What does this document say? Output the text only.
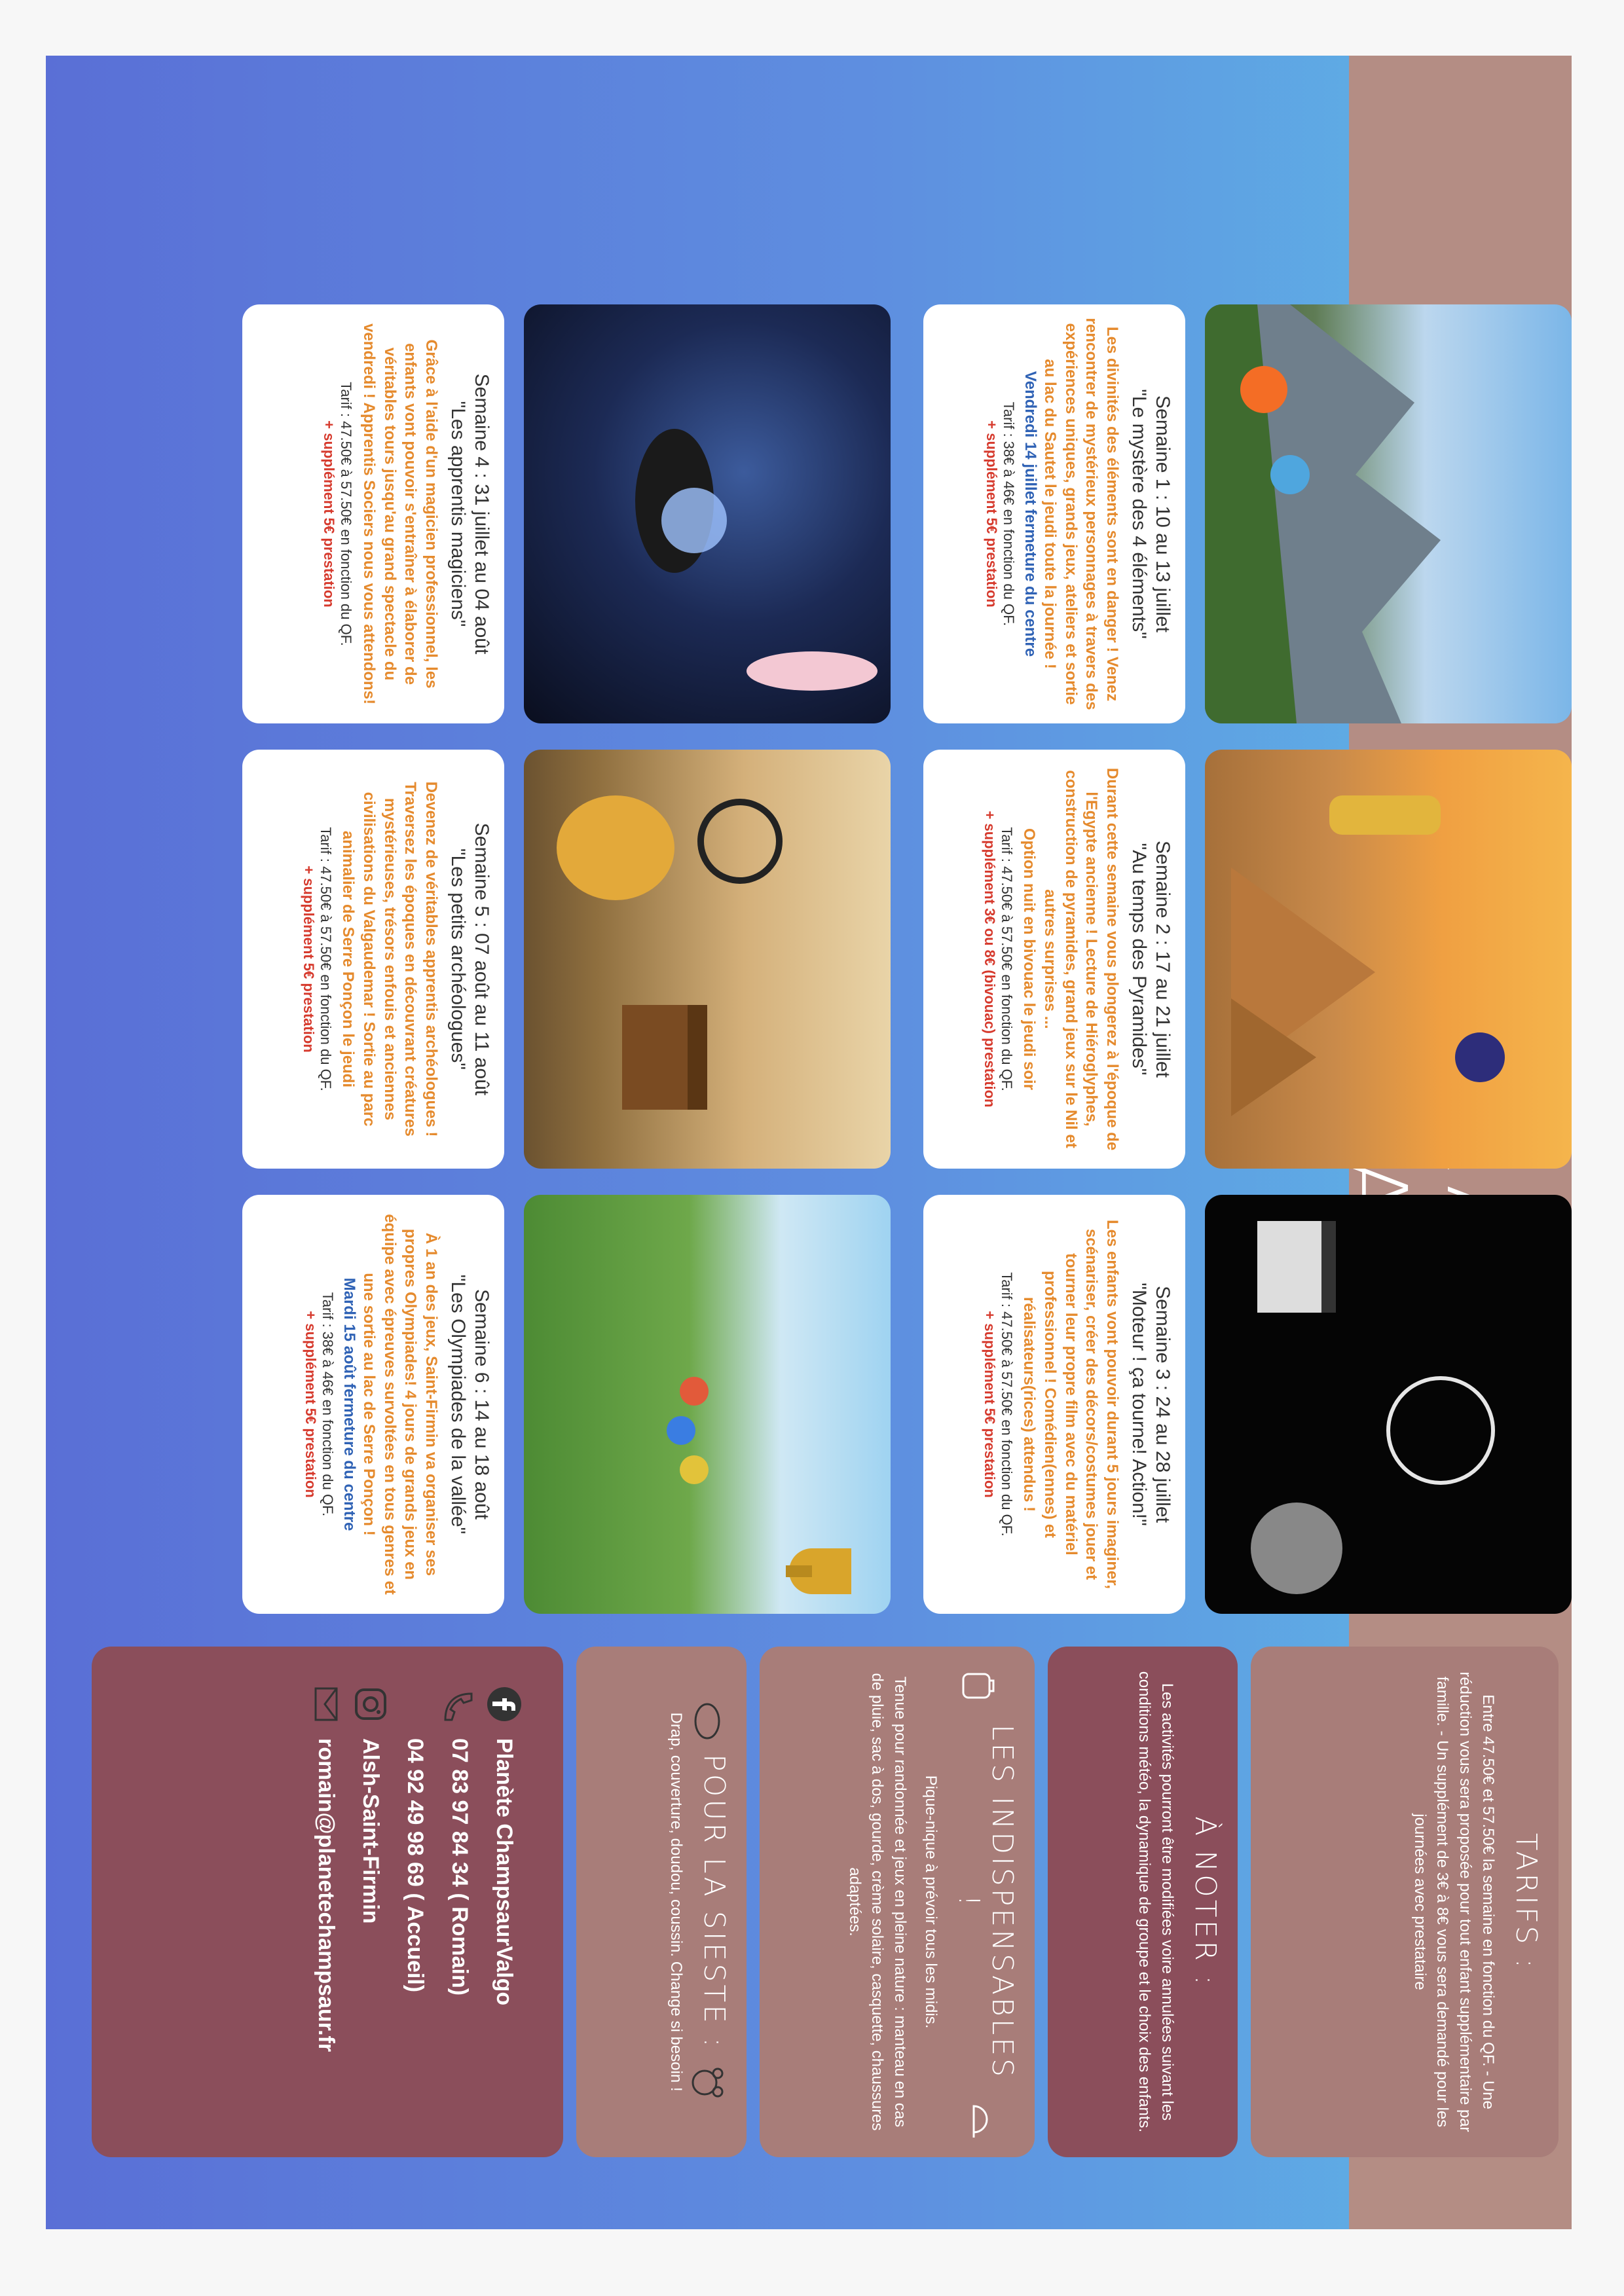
Semaine 1 : 10 au 13 juillet

"Le mystère des 4 éléments"

Les divinités des éléments sont en danger ! Venez rencontrer de mystérieux personnages à travers des expériences uniques, grands jeux, ateliers et sortie au lac du Sautet le jeudi toute la journée !
Vendredi 14 juillet fermeture du centre
Tarif : 38€ à 46€ en fonction du QF.
+ supplément 5€ prestation

Semaine 2 : 17 au 21 juillet

"Au temps des Pyramides"

Durant cette semaine vous plongerez à l'époque de l'Egypte ancienne ! Lecture de Hiéroglyphes, construction de pyramides, grand jeux sur le Nil et autres surprises ...
Option nuit en bivouac le jeudi soir
Tarif : 47.50€ à 57.50€ en fonction du QF.
+ supplément 3€ ou 8€ (bivouac) prestation

Semaine 3 : 24 au 28 juillet

"Moteur ! ça tourne! Action!"

Les enfants vont pouvoir durant 5 jours imaginer, scénariser, créer des décors/costumes jouer et tourner leur propre film avec du matériel professionnel ! Comédien(ennes) et réalisateurs(rices) attendus !
Tarif : 47.50€ à 57.50€ en fonction du QF.
+ supplément 5€ prestation

Semaine 4 : 31 juillet au 04 août

"Les apprentis magiciens"

Grâce à l'aide d'un magicien professionnel, les enfants vont pouvoir s'entraîner à élaborer de véritables tours jusqu'au grand spectacle du vendredi ! Apprentis Sociers nous vous attendons!
Tarif : 47.50€ à 57.50€ en fonction du QF.
+ supplément 5€ prestation

Semaine 5 : 07 août au 11 août

"Les petits archéologues"

Devenez de véritables apprentis archéologues ! Traversez les époques en découvrant créatures mystérieuses, trésors enfouis et anciennes civilisations du Valgaudemar ! Sortie au parc animalier de Serre Ponçon le jeudi
Tarif : 47.50€ à 57.50€ en fonction du QF.
+ supplément 5€ prestation

Semaine 6 : 14 au 18 août

"Les Olympiades de la vallée"

À 1 an des jeux, Saint-Firmin va organiser ses propres Olympiades! 4 jours de grands jeux en équipe avec épreuves survoltées en tous genres et une sortie au lac de Serre Ponçon !
Mardi 15 août fermeture du centre
Tarif : 38€ à 46€ en fonction du QF.
+ supplément 5€ prestation

TARIFS :

Entre 47.50€ et 57.50€ la semaine en fonction du QF. - Une réduction vous sera proposée pour tout enfant supplémentaire par famille. - Un supplément de 3€ à 8€ vous sera demandé pour les journées avec prestataire

À NOTER :

Les activités pourront être modifiées voire annulées suivant les conditions météo, la dynamique de groupe et le choix des enfants.

LES INDISPENSABLES !

Pique-nique à prévoir tous les midis.
Tenue pour randonnée et jeux en pleine nature : manteau en cas de pluie, sac à dos, gourde, crème solaire, casquette, chaussures adaptées.

POUR LA SIESTE :

Drap, couverture, doudou, coussin. Change si besoin !
Planète ChampsaurValgo
07 83 97 84 34 ( Romain)
04 92 49 98 69 ( Accueil)
Alsh-Saint-Firmin
romain@planetechampsaur.fr
